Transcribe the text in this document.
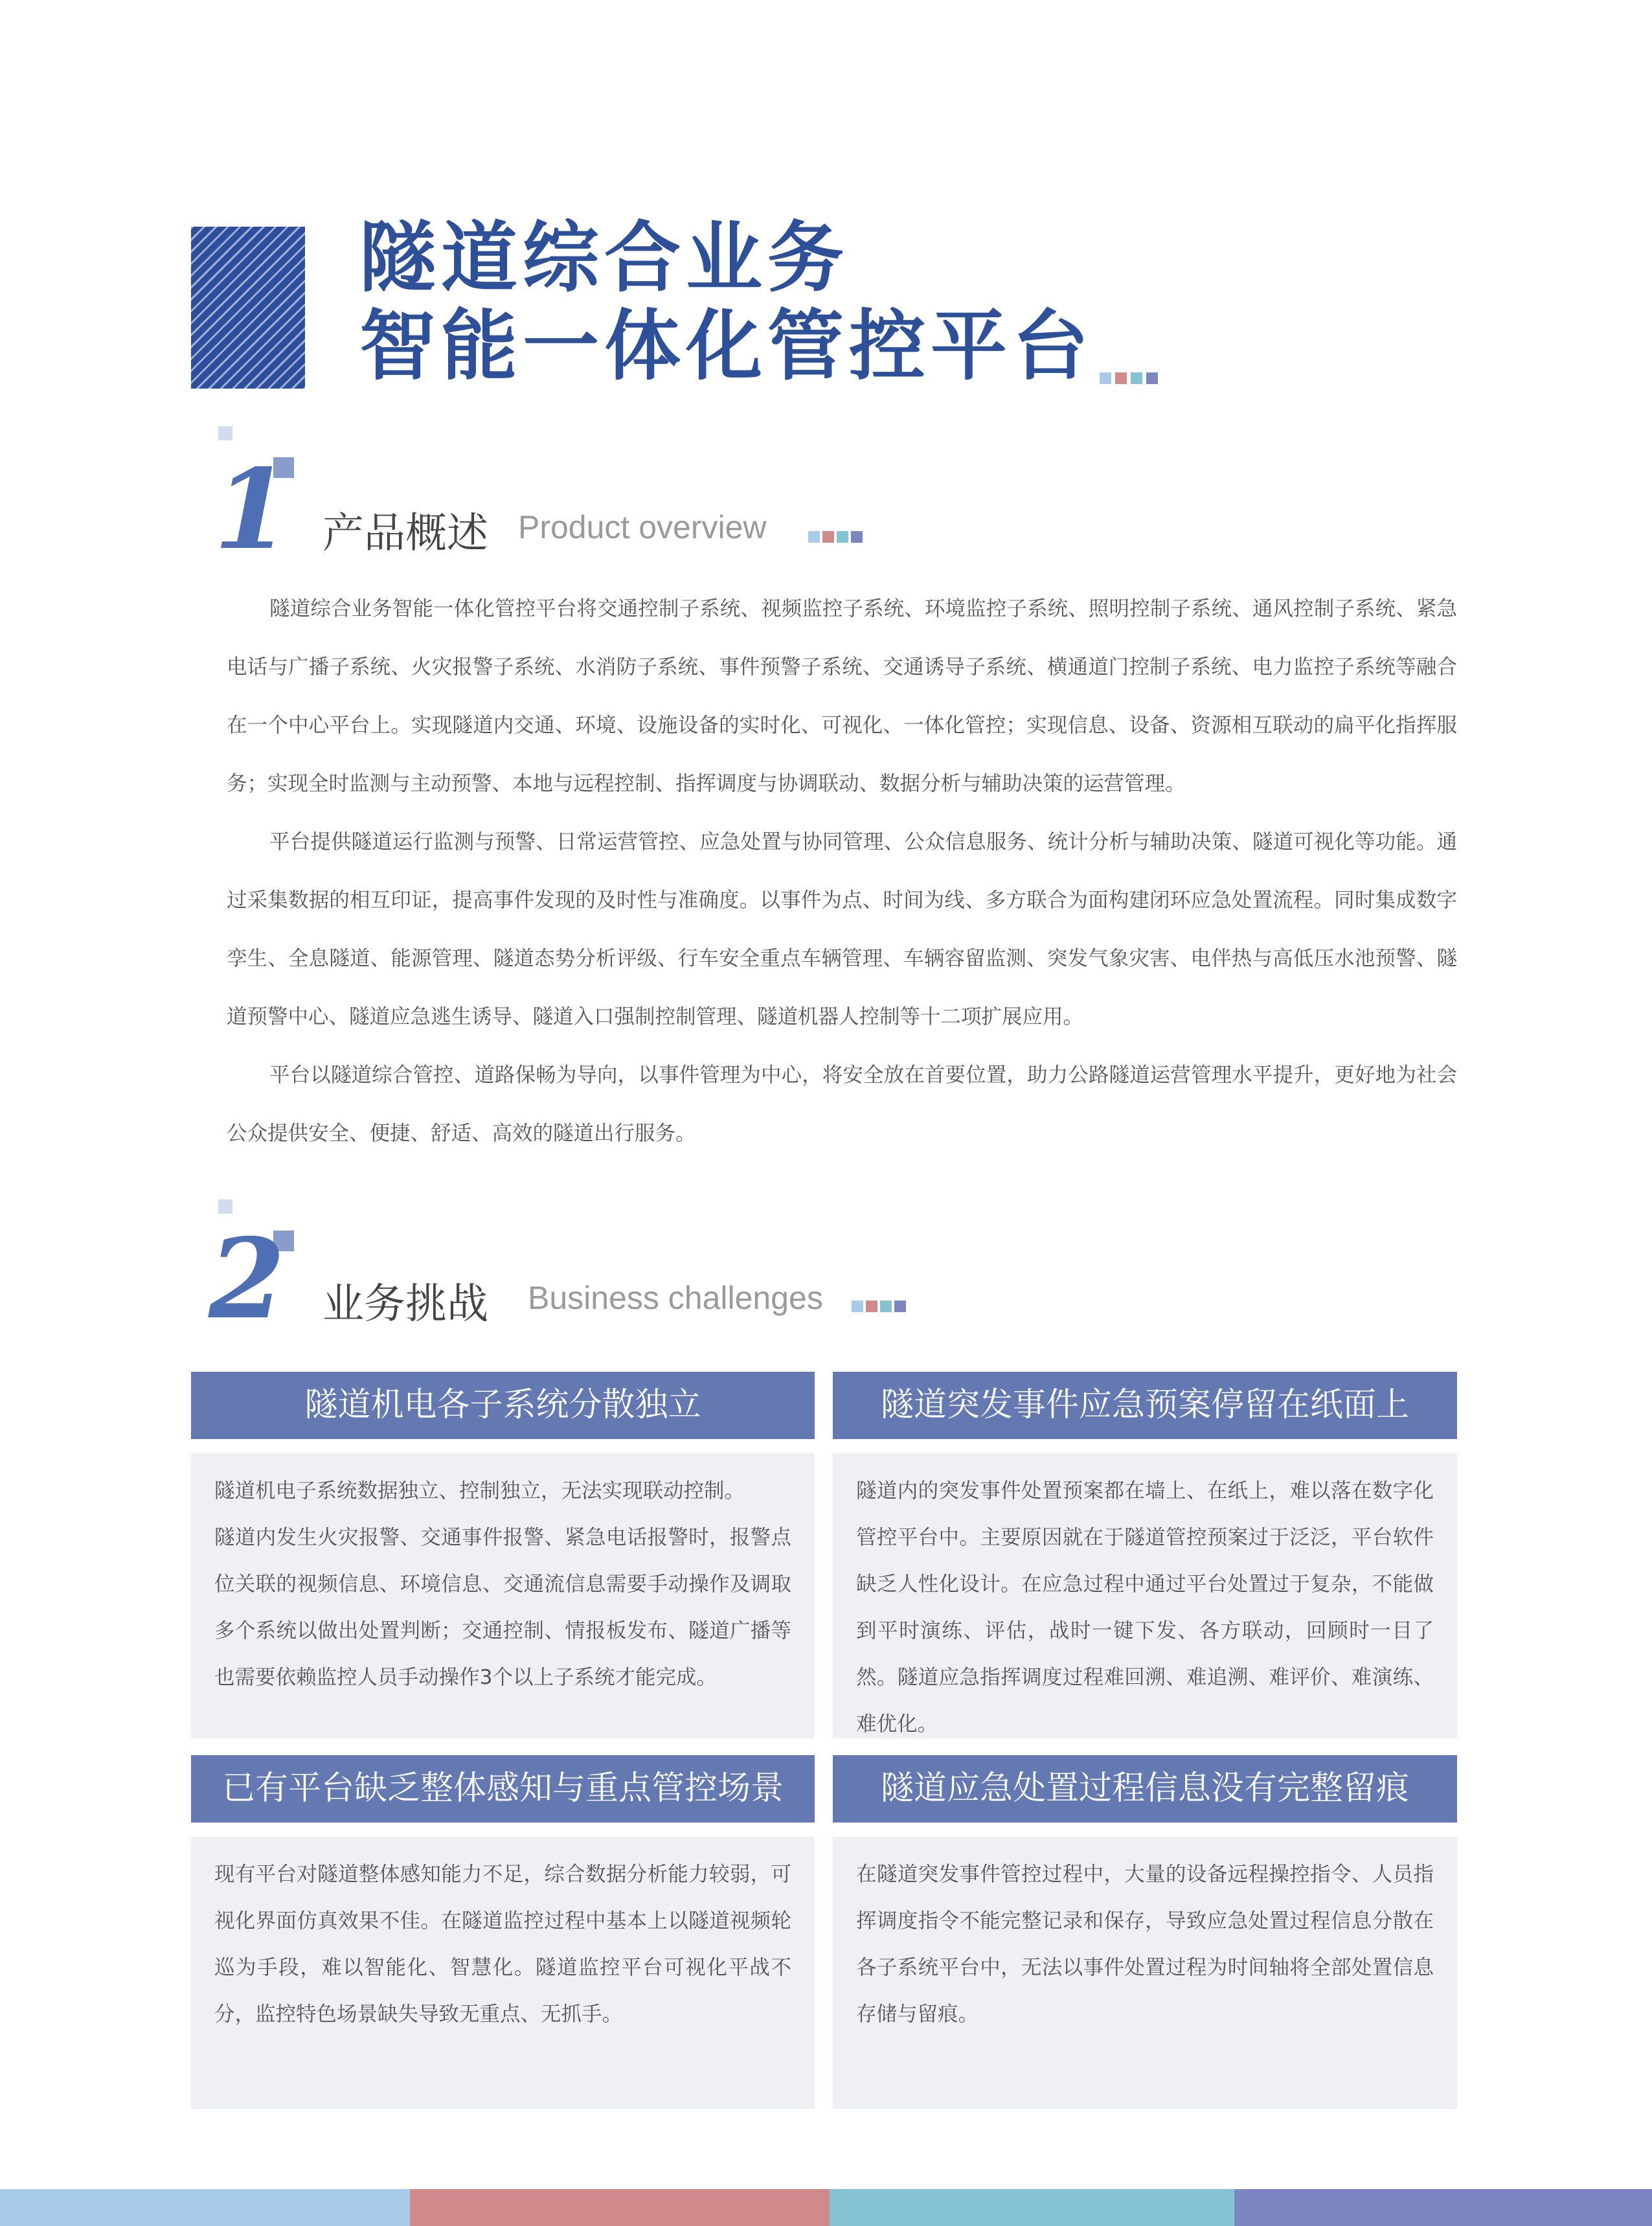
隧道综合业务
智能一体化管控平台
1 产品概述 Product overview

隧道综合业务智能一体化管控平台将交通控制子系统、视频监控子系统、环境监控子系统、照明控制子系统、通风控制子系统、紧急电话与广播子系统、火灾报警子系统、水消防子系统、事件预警子系统、交通诱导子系统、横通道门控制子系统、电力监控子系统等融合在一个中心平台上。实现隧道内交通、环境、设施设备的实时化、可视化、一体化管控；实现信息、设备、资源相互联动的扁平化指挥服务；实现全时监测与主动预警、本地与远程控制、指挥调度与协调联动、数据分析与辅助决策的运营管理。

平台提供隧道运行监测与预警、日常运营管控、应急处置与协同管理、公众信息服务、统计分析与辅助决策、隧道可视化等功能。通过采集数据的相互印证，提高事件发现的及时性与准确度。以事件为点、时间为线、多方联合为面构建闭环应急处置流程。同时集成数字孪生、全息隧道、能源管理、隧道态势分析评级、行车安全重点车辆管理、车辆容留监测、突发气象灾害、电伴热与高低压水池预警、隧道预警中心、隧道应急逃生诱导、隧道入口强制控制管理、隧道机器人控制等十二项扩展应用。

平台以隧道综合管控、道路保畅为导向，以事件管理为中心，将安全放在首要位置，助力公路隧道运营管理水平提升，更好地为社会公众提供安全、便捷、舒适、高效的隧道出行服务。

2 业务挑战 Business challenges
隧道机电各子系统分散独立
隧道机电子系统数据独立、控制独立，无法实现联动控制。
隧道内发生火灾报警、交通事件报警、紧急电话报警时，报警点位关联的视频信息、环境信息、交通流信息需要手动操作及调取多个系统以做出处置判断；交通控制、情报板发布、隧道广播等也需要依赖监控人员手动操作3个以上子系统才能完成。
隧道突发事件应急预案停留在纸面上
隧道内的突发事件处置预案都在墙上、在纸上，难以落在数字化管控平台中。主要原因就在于隧道管控预案过于泛泛，平台软件缺乏人性化设计。在应急过程中通过平台处置过于复杂，不能做到平时演练、评估，战时一键下发、各方联动，回顾时一目了然。隧道应急指挥调度过程难回溯、难追溯、难评价、难演练、难优化。
已有平台缺乏整体感知与重点管控场景
现有平台对隧道整体感知能力不足，综合数据分析能力较弱，可视化界面仿真效果不佳。在隧道监控过程中基本上以隧道视频轮巡为手段，难以智能化、智慧化。隧道监控平台可视化平战不分，监控特色场景缺失导致无重点、无抓手。
隧道应急处置过程信息没有完整留痕
在隧道突发事件管控过程中，大量的设备远程操控指令、人员指挥调度指令不能完整记录和保存，导致应急处置过程信息分散在各子系统平台中，无法以事件处置过程为时间轴将全部处置信息存储与留痕。
